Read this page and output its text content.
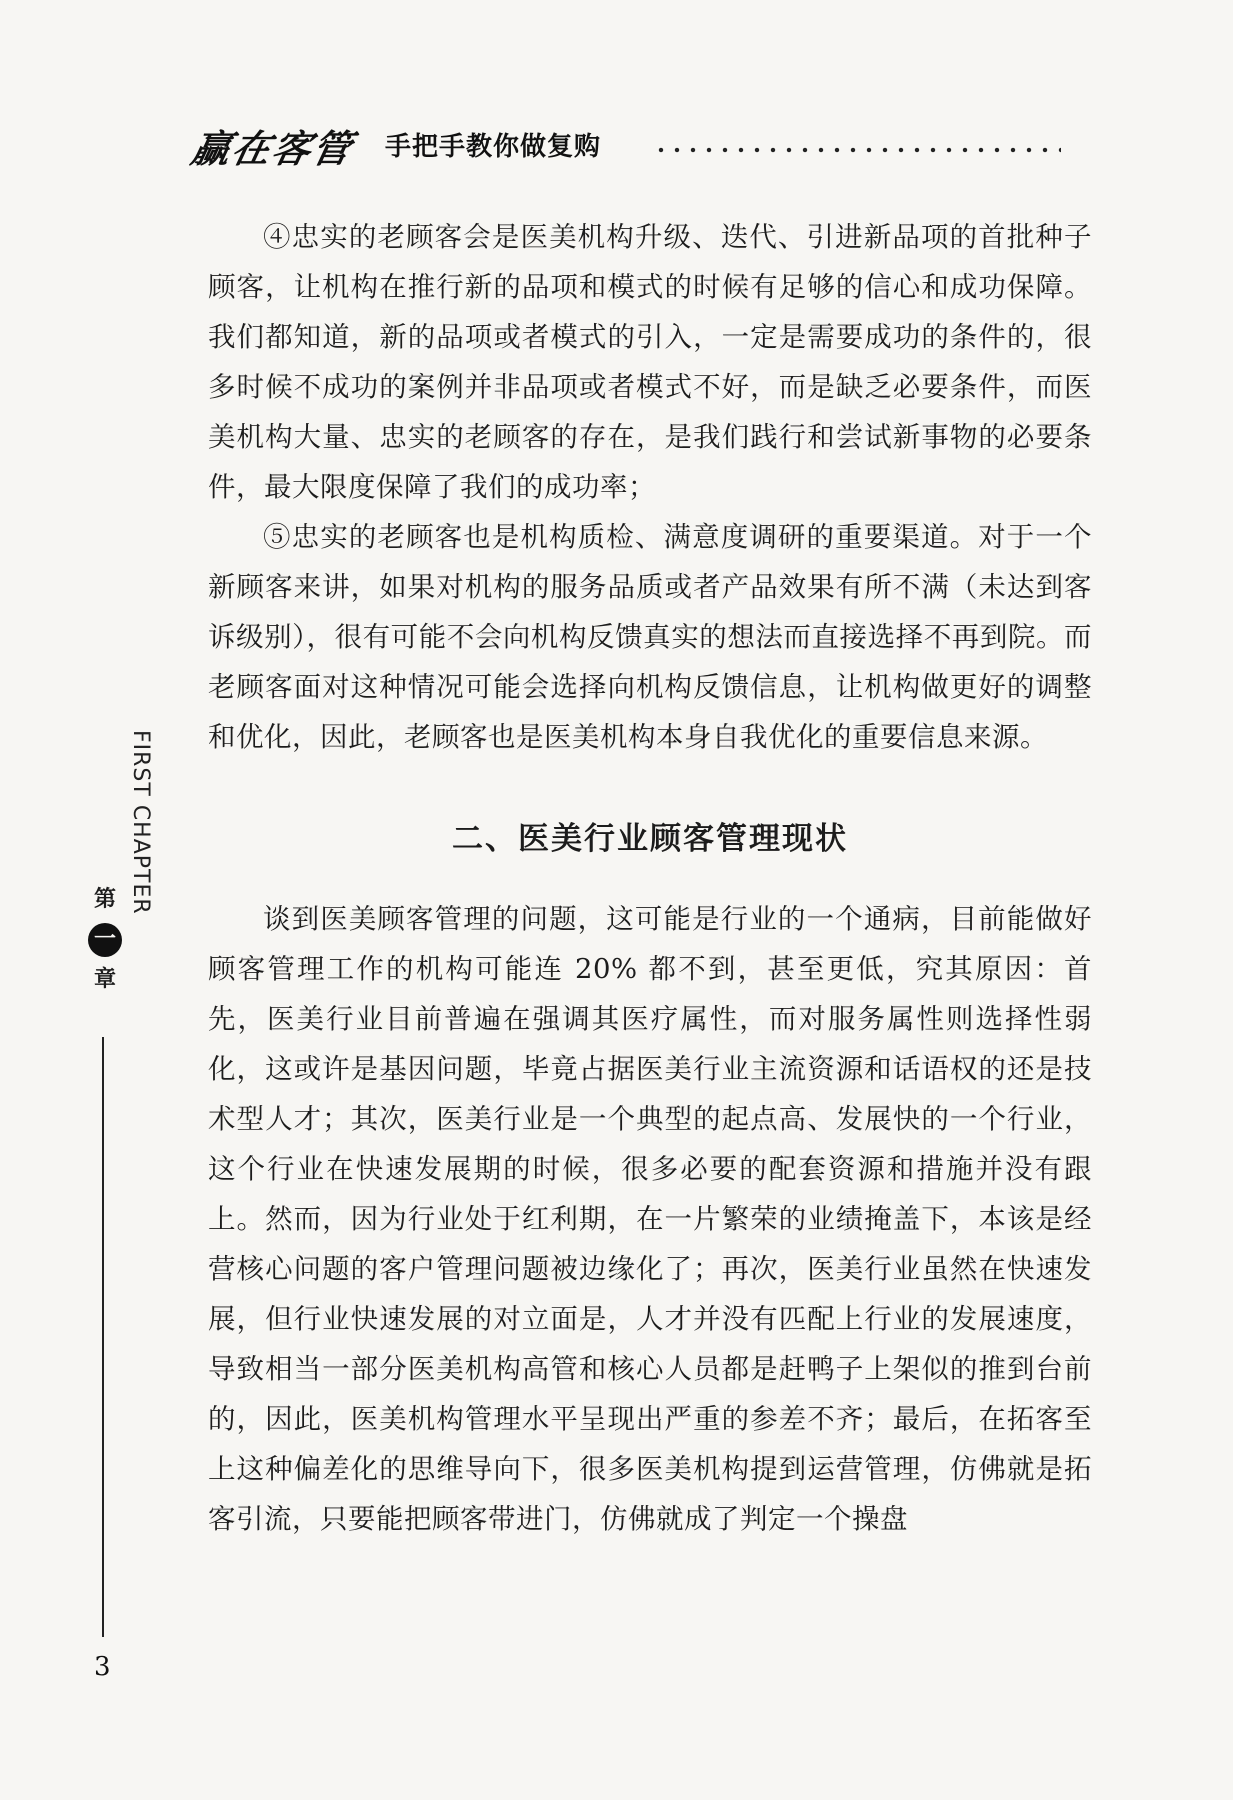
赢在客管 手把手教你做复购

④忠实的老顾客会是医美机构升级、迭代、引进新品项的首批种子顾客，让机构在推行新的品项和模式的时候有足够的信心和成功保障。我们都知道，新的品项或者模式的引入，一定是需要成功的条件的，很多时候不成功的案例并非品项或者模式不好，而是缺乏必要条件，而医美机构大量、忠实的老顾客的存在，是我们践行和尝试新事物的必要条件，最大限度保障了我们的成功率；

⑤忠实的老顾客也是机构质检、满意度调研的重要渠道。对于一个新顾客来讲，如果对机构的服务品质或者产品效果有所不满（未达到客诉级别），很有可能不会向机构反馈真实的想法而直接选择不再到院。而老顾客面对这种情况可能会选择向机构反馈信息，让机构做更好的调整和优化，因此，老顾客也是医美机构本身自我优化的重要信息来源。

二、医美行业顾客管理现状

谈到医美顾客管理的问题，这可能是行业的一个通病，目前能做好顾客管理工作的机构可能连 20% 都不到，甚至更低，究其原因：首先，医美行业目前普遍在强调其医疗属性，而对服务属性则选择性弱化，这或许是基因问题，毕竟占据医美行业主流资源和话语权的还是技术型人才；其次，医美行业是一个典型的起点高、发展快的一个行业，这个行业在快速发展期的时候，很多必要的配套资源和措施并没有跟上。然而，因为行业处于红利期，在一片繁荣的业绩掩盖下，本该是经营核心问题的客户管理问题被边缘化了；再次，医美行业虽然在快速发展，但行业快速发展的对立面是，人才并没有匹配上行业的发展速度，导致相当一部分医美机构高管和核心人员都是赶鸭子上架似的推到台前的，因此，医美机构管理水平呈现出严重的参差不齐；最后，在拓客至上这种偏差化的思维导向下，很多医美机构提到运营管理，仿佛就是拓客引流，只要能把顾客带进门，仿佛就成了判定一个操盘

FIRST CHAPTER
第
一
章
3
